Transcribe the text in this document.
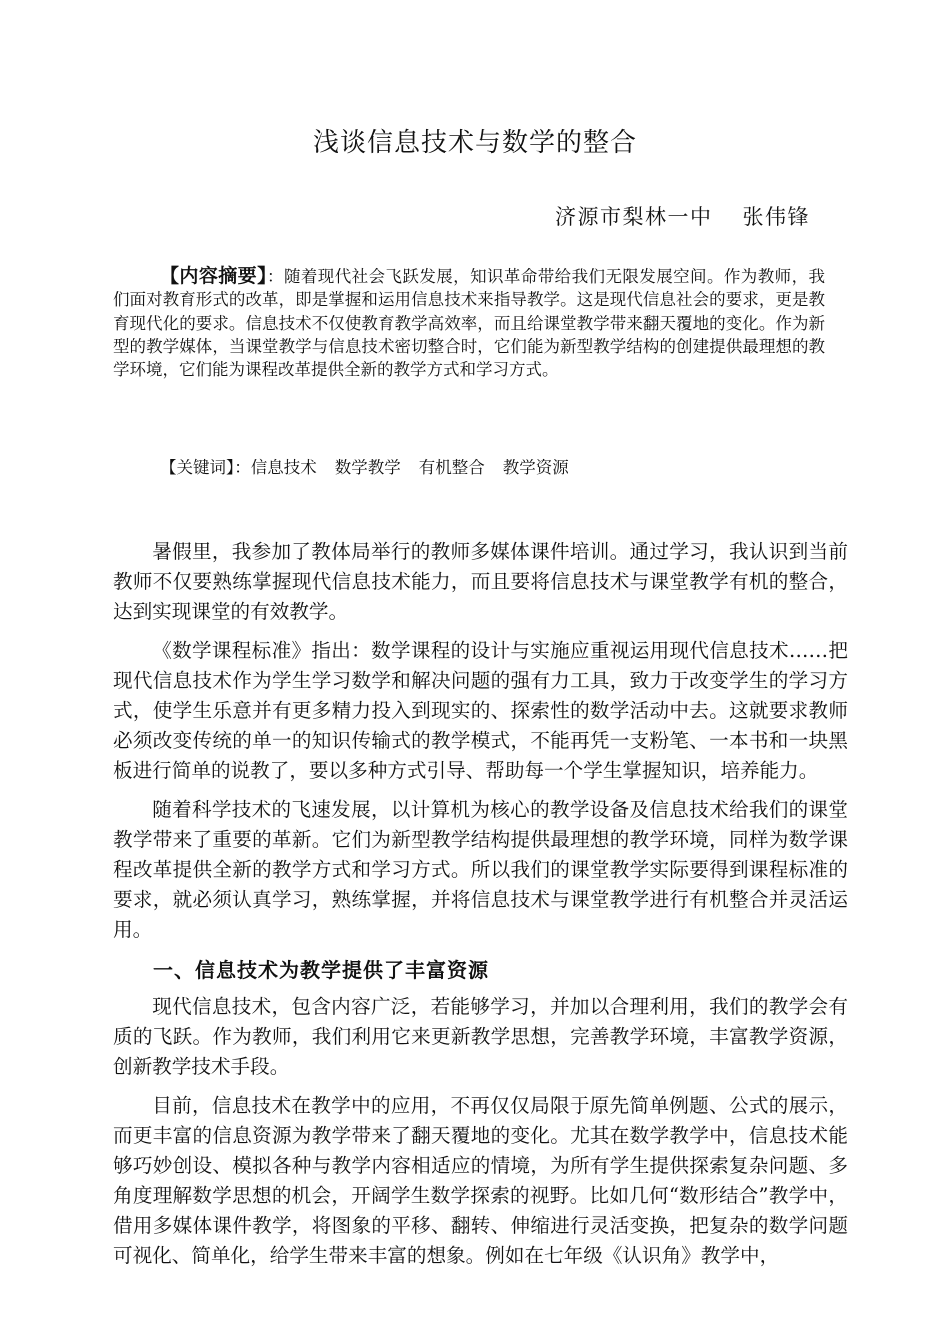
浅谈信息技术与数学的整合
济源市梨林一中 张伟锋
【内容摘要】：随着现代社会飞跃发展，知识革命带给我们无限发展空间。作为教师，我们面对教育形式的改革，即是掌握和运用信息技术来指导教学。这是现代信息社会的要求，更是教育现代化的要求。信息技术不仅使教育教学高效率，而且给课堂教学带来翻天覆地的变化。作为新型的教学媒体，当课堂教学与信息技术密切整合时，它们能为新型教学结构的创建提供最理想的教学环境，它们能为课程改革提供全新的教学方式和学习方式。
【关键词】：信息技术 数学教学 有机整合 教学资源

暑假里，我参加了教体局举行的教师多媒体课件培训。通过学习，我认识到当前教师不仅要熟练掌握现代信息技术能力，而且要将信息技术与课堂教学有机的整合，达到实现课堂的有效教学。

《数学课程标准》指出：数学课程的设计与实施应重视运用现代信息技术……把现代信息技术作为学生学习数学和解决问题的强有力工具，致力于改变学生的学习方式，使学生乐意并有更多精力投入到现实的、探索性的数学活动中去。这就要求教师必须改变传统的单一的知识传输式的教学模式，不能再凭一支粉笔、一本书和一块黑板进行简单的说教了，要以多种方式引导、帮助每一个学生掌握知识，培养能力。

随着科学技术的飞速发展，以计算机为核心的教学设备及信息技术给我们的课堂教学带来了重要的革新。它们为新型教学结构提供最理想的教学环境，同样为数学课程改革提供全新的教学方式和学习方式。所以我们的课堂教学实际要得到课程标准的要求，就必须认真学习，熟练掌握，并将信息技术与课堂教学进行有机整合并灵活运用。

一、信息技术为教学提供了丰富资源

现代信息技术，包含内容广泛，若能够学习，并加以合理利用，我们的教学会有质的飞跃。作为教师，我们利用它来更新教学思想，完善教学环境，丰富教学资源，创新教学技术手段。

目前，信息技术在教学中的应用，不再仅仅局限于原先简单例题、公式的展示，而更丰富的信息资源为教学带来了翻天覆地的变化。尤其在数学教学中，信息技术能够巧妙创设、模拟各种与教学内容相适应的情境，为所有学生提供探索复杂问题、多角度理解数学思想的机会，开阔学生数学探索的视野。比如几何“数形结合”教学中，借用多媒体课件教学，将图象的平移、翻转、伸缩进行灵活变换，把复杂的数学问题可视化、简单化，给学生带来丰富的想象。例如在七年级《认识角》教学中，
